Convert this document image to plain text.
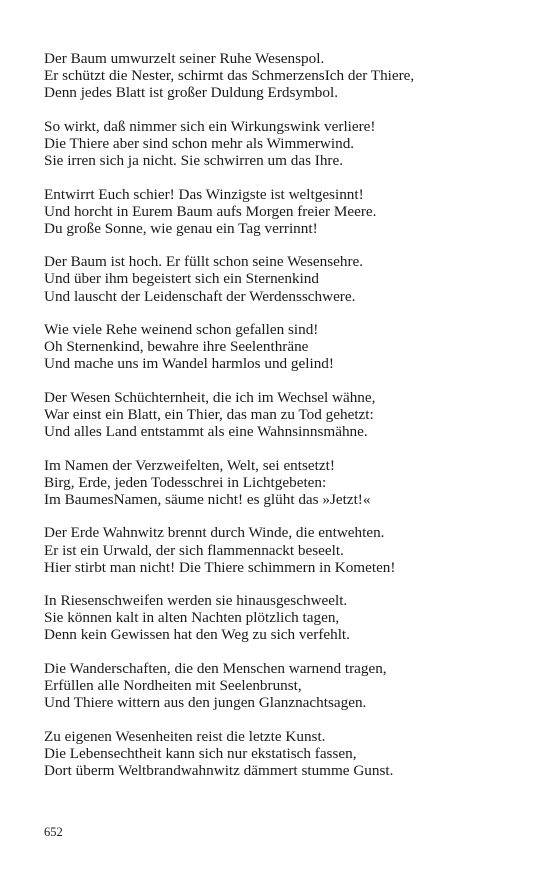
Der Baum umwurzelt seiner Ruhe Wesenspol.
Er schützt die Nester, schirmt das SchmerzensIch der Thiere,
Denn jedes Blatt ist großer Duldung Erdsymbol.
So wirkt, daß nimmer sich ein Wirkungswink verliere!
Die Thiere aber sind schon mehr als Wimmerwind.
Sie irren sich ja nicht. Sie schwirren um das Ihre.
Entwirrt Euch schier! Das Winzigste ist weltgesinnt!
Und horcht in Eurem Baum aufs Morgen freier Meere.
Du große Sonne, wie genau ein Tag verrinnt!
Der Baum ist hoch. Er füllt schon seine Wesensehre.
Und über ihm begeistert sich ein Sternenkind
Und lauscht der Leidenschaft der Werdensschwere.
Wie viele Rehe weinend schon gefallen sind!
Oh Sternenkind, bewahre ihre Seelenthräne
Und mache uns im Wandel harmlos und gelind!
Der Wesen Schüchternheit, die ich im Wechsel wähne,
War einst ein Blatt, ein Thier, das man zu Tod gehetzt:
Und alles Land entstammt als eine Wahnsinnsmähne.
Im Namen der Verzweifelten, Welt, sei entsetzt!
Birg, Erde, jeden Todesschrei in Lichtgebeten:
Im BaumesNamen, säume nicht! es glüht das »Jetzt!«
Der Erde Wahnwitz brennt durch Winde, die entwehten.
Er ist ein Urwald, der sich flammennackt beseelt.
Hier stirbt man nicht! Die Thiere schimmern in Kometen!
In Riesenschweifen werden sie hinausgeschweelt.
Sie können kalt in alten Nachten plötzlich tagen,
Denn kein Gewissen hat den Weg zu sich verfehlt.
Die Wanderschaften, die den Menschen warnend tragen,
Erfüllen alle Nordheiten mit Seelenbrunst,
Und Thiere wittern aus den jungen Glanznachtsagen.
Zu eigenen Wesenheiten reist die letzte Kunst.
Die Lebensechtheit kann sich nur ekstatisch fassen,
Dort überm Weltbrandwahnwitz dämmert stumme Gunst.
652
